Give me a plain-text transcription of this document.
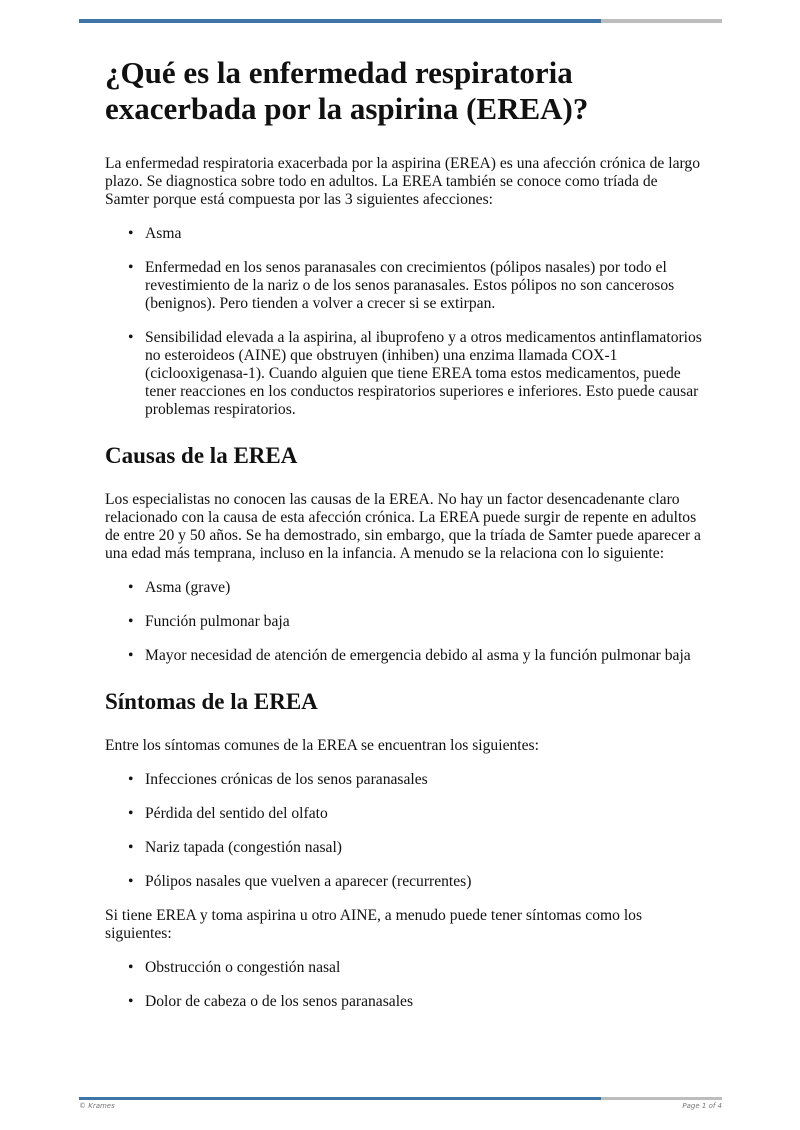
¿Qué es la enfermedad respiratoria exacerbada por la aspirina (EREA)?

La enfermedad respiratoria exacerbada por la aspirina (EREA) es una afección crónica de largo plazo. Se diagnostica sobre todo en adultos. La EREA también se conoce como tríada de Samter porque está compuesta por las 3 siguientes afecciones:

• Asma
• Enfermedad en los senos paranasales con crecimientos (pólipos nasales) por todo el revestimiento de la nariz o de los senos paranasales. Estos pólipos no son cancerosos (benignos). Pero tienden a volver a crecer si se extirpan.
• Sensibilidad elevada a la aspirina, al ibuprofeno y a otros medicamentos antinflamatorios no esteroideos (AINE) que obstruyen (inhiben) una enzima llamada COX-1 (ciclooxigenasa-1). Cuando alguien que tiene EREA toma estos medicamentos, puede tener reacciones en los conductos respiratorios superiores e inferiores. Esto puede causar problemas respiratorios.
Causas de la EREA

Los especialistas no conocen las causas de la EREA. No hay un factor desencadenante claro relacionado con la causa de esta afección crónica. La EREA puede surgir de repente en adultos de entre 20 y 50 años. Se ha demostrado, sin embargo, que la tríada de Samter puede aparecer a una edad más temprana, incluso en la infancia. A menudo se la relaciona con lo siguiente:

• Asma (grave)
• Función pulmonar baja
• Mayor necesidad de atención de emergencia debido al asma y la función pulmonar baja
Síntomas de la EREA

Entre los síntomas comunes de la EREA se encuentran los siguientes:

• Infecciones crónicas de los senos paranasales
• Pérdida del sentido del olfato
• Nariz tapada (congestión nasal)
• Pólipos nasales que vuelven a aparecer (recurrentes)

Si tiene EREA y toma aspirina u otro AINE, a menudo puede tener síntomas como los siguientes:

• Obstrucción o congestión nasal
• Dolor de cabeza o de los senos paranasales
© Krames	Page 1 of 4
